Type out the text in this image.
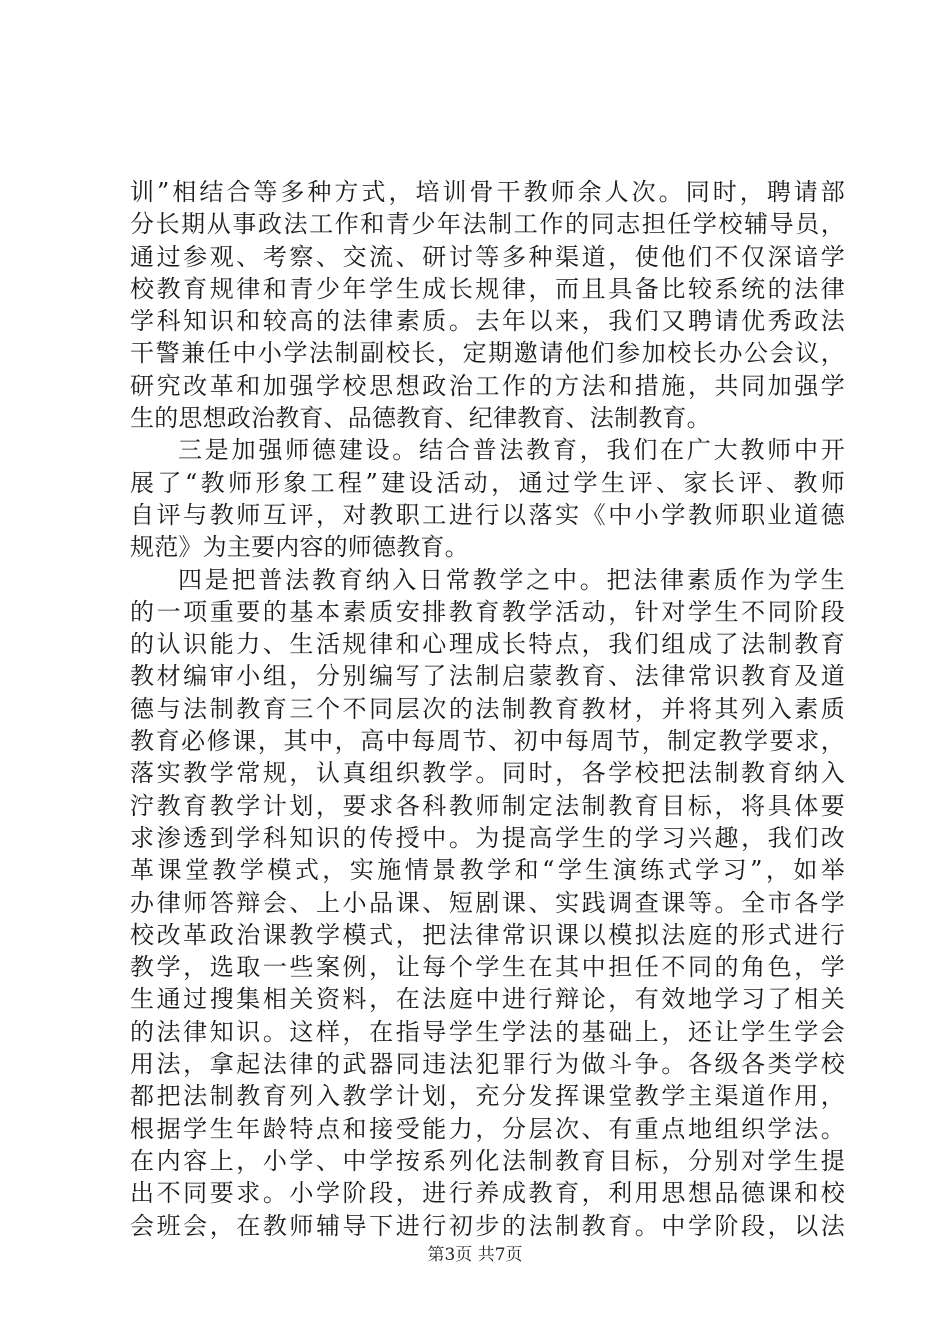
训”相结合等多种方式，培训骨干教师余人次。同时，聘请部
分长期从事政法工作和青少年法制工作的同志担任学校辅导员，
通过参观、考察、交流、研讨等多种渠道，使他们不仅深谙学
校教育规律和青少年学生成长规律，而且具备比较系统的法律
学科知识和较高的法律素质。去年以来，我们又聘请优秀政法
干警兼任中小学法制副校长，定期邀请他们参加校长办公会议，
研究改革和加强学校思想政治工作的方法和措施，共同加强学
生的思想政治教育、品德教育、纪律教育、法制教育。
三是加强师德建设。结合普法教育，我们在广大教师中开
展了“教师形象工程”建设活动，通过学生评、家长评、教师
自评与教师互评，对教职工进行以落实《中小学教师职业道德
规范》为主要内容的师德教育。
四是把普法教育纳入日常教学之中。把法律素质作为学生
的一项重要的基本素质安排教育教学活动，针对学生不同阶段
的认识能力、生活规律和心理成长特点，我们组成了法制教育
教材编审小组，分别编写了法制启蒙教育、法律常识教育及道
德与法制教育三个不同层次的法制教育教材，并将其列入素质
教育必修课，其中，高中每周节、初中每周节，制定教学要求，
落实教学常规，认真组织教学。同时，各学校把法制教育纳入
泞教育教学计划，要求各科教师制定法制教育目标，将具体要
求渗透到学科知识的传授中。为提高学生的学习兴趣，我们改
革课堂教学模式，实施情景教学和“学生演练式学习”，如举
办律师答辩会、上小品课、短剧课、实践调查课等。全市各学
校改革政治课教学模式，把法律常识课以模拟法庭的形式进行
教学，选取一些案例，让每个学生在其中担任不同的角色，学
生通过搜集相关资料，在法庭中进行辩论，有效地学习了相关
的法律知识。这样，在指导学生学法的基础上，还让学生学会
用法，拿起法律的武器同违法犯罪行为做斗争。各级各类学校
都把法制教育列入教学计划，充分发挥课堂教学主渠道作用，
根据学生年龄特点和接受能力，分层次、有重点地组织学法。
在内容上，小学、中学按系列化法制教育目标，分别对学生提
出不同要求。小学阶段，进行养成教育，利用思想品德课和校
会班会，在教师辅导下进行初步的法制教育。中学阶段，以法
第3页 共7页
